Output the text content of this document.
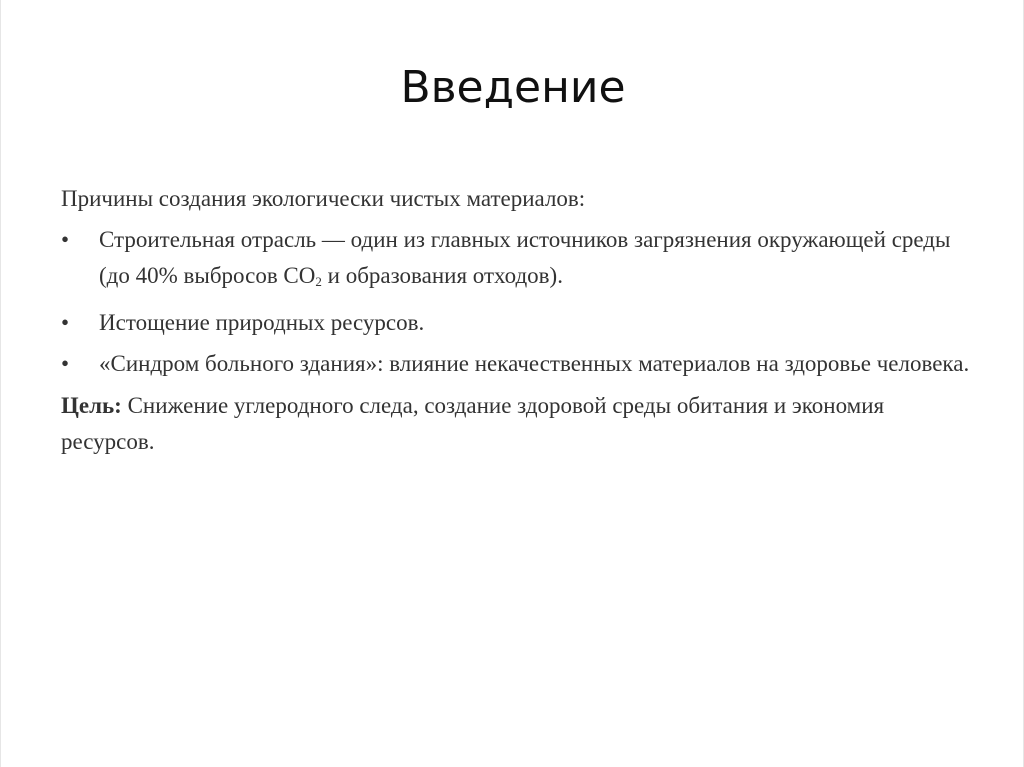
Введение

Причины создания экологически чистых материалов:

•	Строительная отрасль — один из главных источников загрязнения окружающей среды (до 40% выбросов $СО_2$ и образования отходов).
•	Истощение природных ресурсов.
•	«Синдром больного здания»: влияние некачественных материалов на здоровье человека.

Цель: Снижение углеродного следа, создание здоровой среды обитания и экономия ресурсов.
